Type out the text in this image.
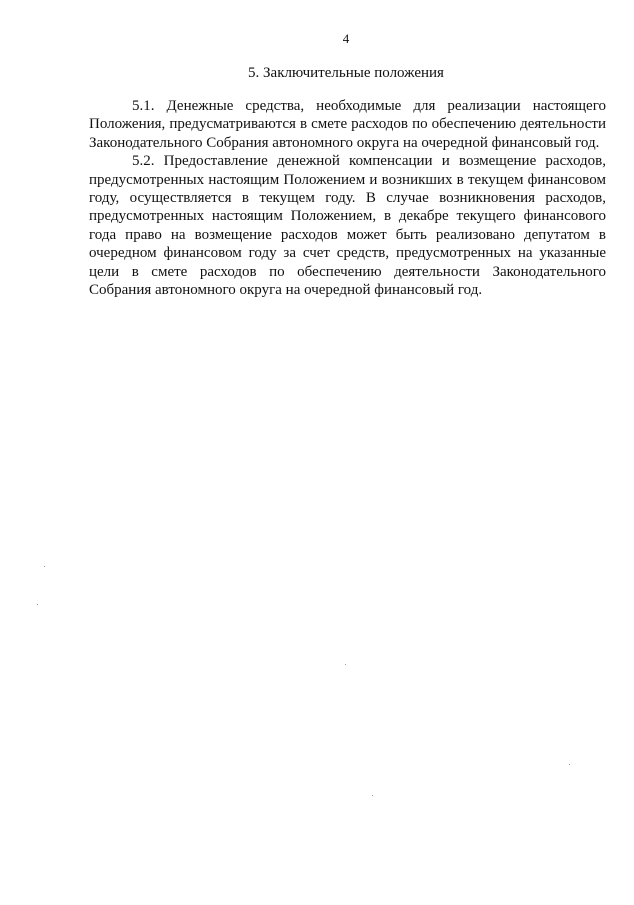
4
5. Заключительные положения

5.1. Денежные средства, необходимые для реализации настоящего Положения, предусматриваются в смете расходов по обеспечению деятельности Законодательного Собрания автономного округа на очередной финансовый год.

5.2. Предоставление денежной компенсации и возмещение расходов, предусмотренных настоящим Положением и возникших в текущем финансовом году, осуществляется в текущем году. В случае возникновения расходов, предусмотренных настоящим Положением, в декабре текущего финансового года право на возмещение расходов может быть реализовано депутатом в очередном финансовом году за счет средств, предусмотренных на указанные цели в смете расходов по обеспечению деятельности Законодательного Собрания автономного округа на очередной финансовый год.
